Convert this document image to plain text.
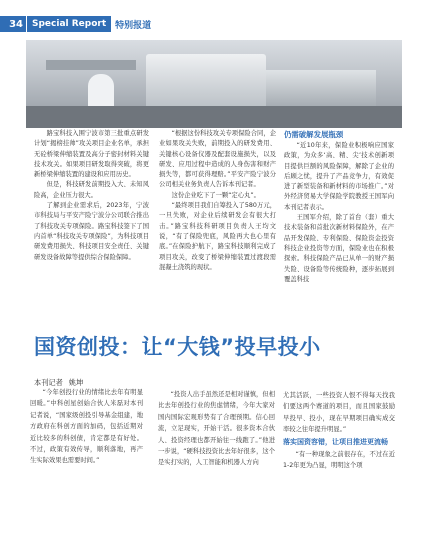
34	Special Report	特别报道

路宝科技入围宁波市第三批重点研发计划“揭榜挂帅”攻关项目企业名单，承担无砼桥梁伸缩装置及高分子密封材料关键技术攻关。如果项目研发取得突破，将更新桥梁伸缩装置的建设和应用历史。

但是，科技研发前期投入大、未知风险高，企业压力很大。

了解到企业需求后，2023年，宁波市科技局与平安产险宁波分公司联合推出了科技攻关专项保险。路宝科技签下了国内首单“科技攻关专项保险”，为科技项目研发费用损失、科技项目安全责任、关键研发设备故障等提供综合保险保障。

“根据这份科技攻关专项保险合同，企业如果攻关失败，前期投入的研发费用、关键核心设备仪器及配套设施损失，以及研发、应用过程中造成的人身伤害和财产损失等，都可获得理赔。”平安产险宁波分公司相关业务负责人告诉本刊记者。

这份企业吃下了一颗“定心丸”。

“最终项目我们自筹投入了580万元，一旦失败，对企业后续研发会有很大打击。”路宝科技科研项目负责人王均文说，“有了保险兜底，风险再大也心里有底。”在保险护航下，路宝科技顺利完成了项目攻关，改变了桥梁伸缩装置过渡段需混凝土浇筑的现状。

仍需破解发展瓶颈

“近10年来，保险业积极响应国家政策，为众多‘高、精、尖’技术创新项目提供巨额的风险保障，解除了企业的后顾之忧，提升了产品竞争力，有效促进了新型装备和新材料的市场推广。”对外经济贸易大学保险学院教授王国军向本刊记者表示。

王国军介绍，除了首台（套）重大技术装备和首批次新材料保险外，在产品开发保险、专利保险、保险资金投资科技企业投资等方面，保险业也在积极探索。科技保险产品已从单一的财产损失险、设备险等传统险种，逐步拓展到覆盖科技

国资创投：让“大钱”投早投小
本刊记者 姚坤

“今年创投行业的情绪比去年有明显回暖。”中科创星创始合伙人米磊对本刊记者说，“国家级创投引导基金组建，地方政府在科创方面的加码，包括近期对近比较多的科创债，肯定都是有好处。不过，政策有效传导，顺利落地，再产生实际效果也需要时间。”

“投资人出手虽然还是相对谨慎，但相比去年创投行业的焦虑情绪，今年大家对国内国际宏观形势有了合理预期。信心回流，立足现实，开始干活。很多资本合伙人、投资经理也都开始往一线跑了。”他进一步说，“硬科技投资比去年好很多，这个是实打实的，人工智能和机器人方向

尤其活跃，一些投资人恨不得每天找我们要这两个赛道的项目，而且国家鼓励早投早、投小，现在早期项目确实成交率较之往年提升明显。”

落实国资容错，让项目推进更流畅

“有一种现象之前很存在，不过在近1-2年更为凸显，明明这个项
